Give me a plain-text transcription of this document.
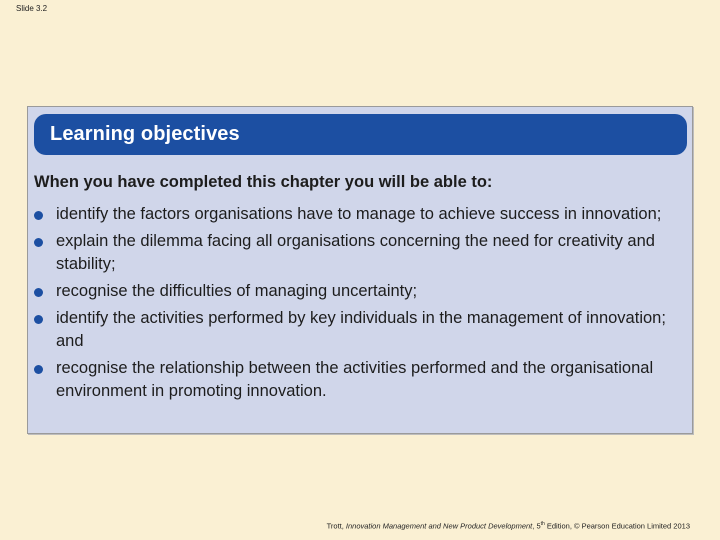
Slide 3.2
Learning objectives
When you have completed this chapter you will be able to:
identify the factors organisations have to manage to achieve success in innovation;
explain the dilemma facing all organisations concerning the need for creativity and stability;
recognise the difficulties of managing uncertainty;
identify the activities performed by key individuals in the management of innovation; and
recognise the relationship between the activities performed and the organisational environment in promoting innovation.
Trott, Innovation Management and New Product Development, 5th Edition, © Pearson Education Limited 2013
